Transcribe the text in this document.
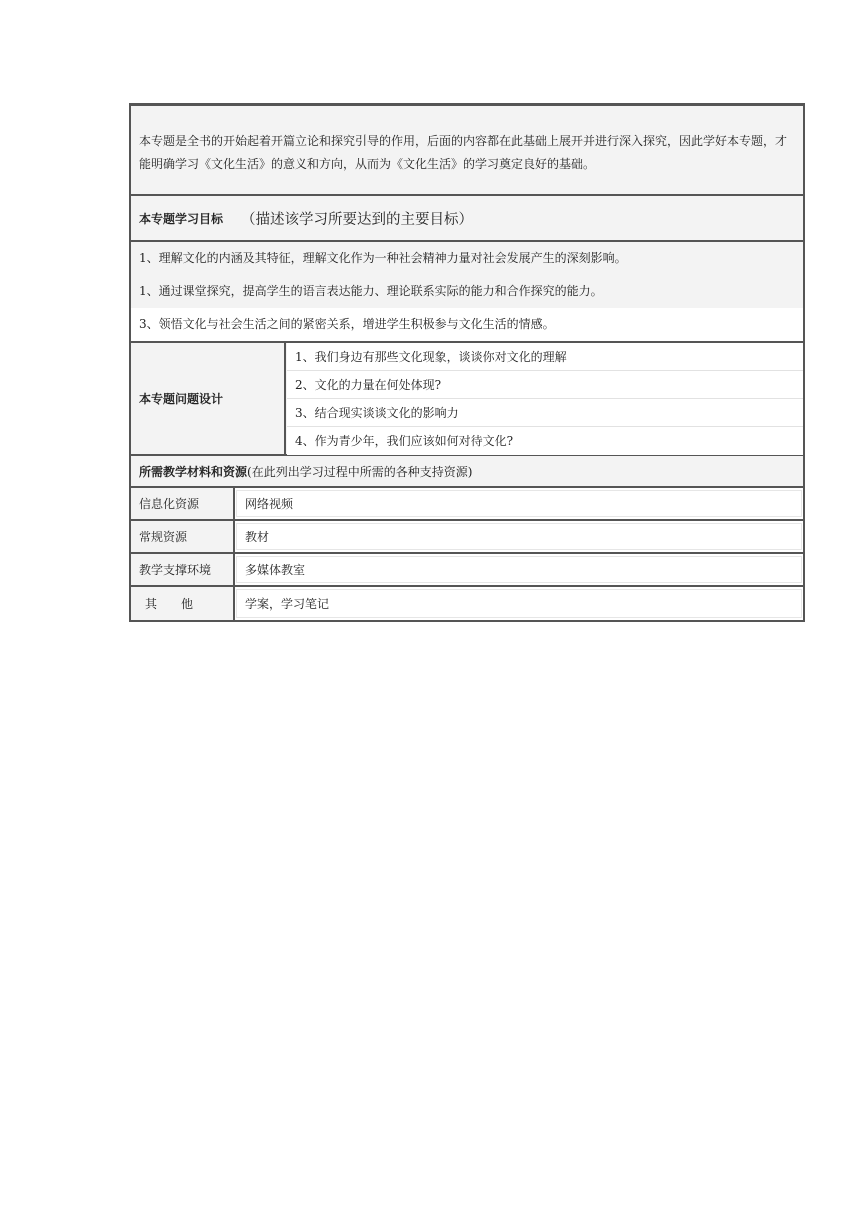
本专题是全书的开始起着开篇立论和探究引导的作用，后面的内容都在此基础上展开并进行深入探究，因此学好本专题，才能明确学习《文化生活》的意义和方向，从而为《文化生活》的学习奠定良好的基础。
本专题学习目标 （描述该学习所要达到的主要目标）
1、理解文化的内涵及其特征，理解文化作为一种社会精神力量对社会发展产生的深刻影响。
1、通过课堂探究，提高学生的语言表达能力、理论联系实际的能力和合作探究的能力。
3、领悟文化与社会生活之间的紧密关系，增进学生积极参与文化生活的情感。
本专题问题设计
1、我们身边有那些文化现象，谈谈你对文化的理解
2、文化的力量在何处体现?
3、结合现实谈谈文化的影响力
4、作为青少年，我们应该如何对待文化?
所需教学材料和资源 (在此列出学习过程中所需的各种支持资源)
信息化资源	网络视频
常规资源	教材
教学支撑环境	多媒体教室
其　　他	学案，学习笔记
